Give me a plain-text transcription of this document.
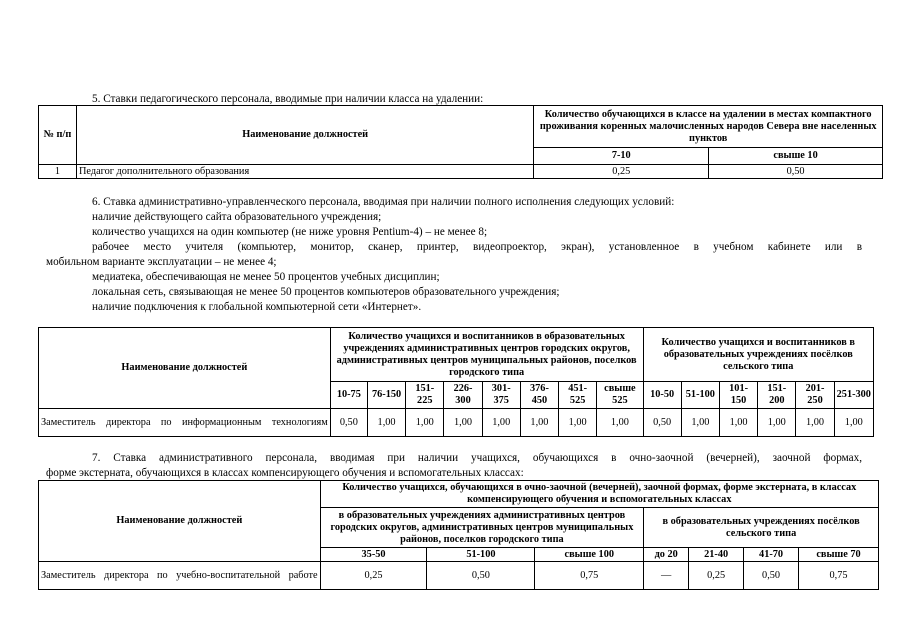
5. Ставки педагогического персонала, вводимые при наличии класса на удалении:
№ п/п	Наименование должностей	Количество обучающихся в классе на удалении в местах компактного проживания коренных малочисленных народов Севера вне населенных пунктов	
		7-10	свыше 10
1	Педагог дополнительного образования	0,25	0,50
6. Ставка административно-управленческого персонала, вводимая при наличии полного исполнения следующих условий:
наличие действующего сайта образовательного учреждения;
количество учащихся на один компьютер (не ниже уровня Pentium-4) – не менее 8;
рабочее место учителя (компьютер, монитор, сканер, принтер, видеопроектор, экран), установленное в учебном кабинете или в
мобильном варианте эксплуатации – не менее 4;
медиатека, обеспечивающая не менее 50 процентов учебных дисциплин;
локальная сеть, связывающая не менее 50 процентов компьютеров образовательного учреждения;
наличие подключения к глобальной компьютерной сети «Интернет».
Наименование должностей	Количество учащихся и воспитанников в образовательных учреждениях административных центров городских округов, административных центров муниципальных районов, поселков городского типа								Количество учащихся и воспитанников в образовательных учреждениях посёлков сельского типа					
	10-75	76-150	151-225	226-300	301-375	376-450	451-525	свыше 525	10-50	51-100	101-150	151-200	201-250	251-300
Заместитель директора по информационным технологиям	0,50	1,00	1,00	1,00	1,00	1,00	1,00	1,00	0,50	1,00	1,00	1,00	1,00	1,00
7. Ставка административного персонала, вводимая при наличии учащихся, обучающихся в очно-заочной (вечерней), заочной формах,
форме экстерната, обучающихся в классах компенсирующего обучения и вспомогательных классах:
Наименование должностей	Количество учащихся, обучающихся в очно-заочной (вечерней), заочной формах, форме экстерната, в классах компенсирующего обучения и вспомогательных классах						
	в образовательных учреждениях административных центров городских округов, административных центров муниципальных районов, поселков городского типа			в образовательных учреждениях посёлков сельского типа			
	35-50	51-100	свыше 100	до 20	21-40	41-70	свыше 70
Заместитель директора по учебно-воспитательной работе	0,25	0,50	0,75	—	0,25	0,50	0,75
